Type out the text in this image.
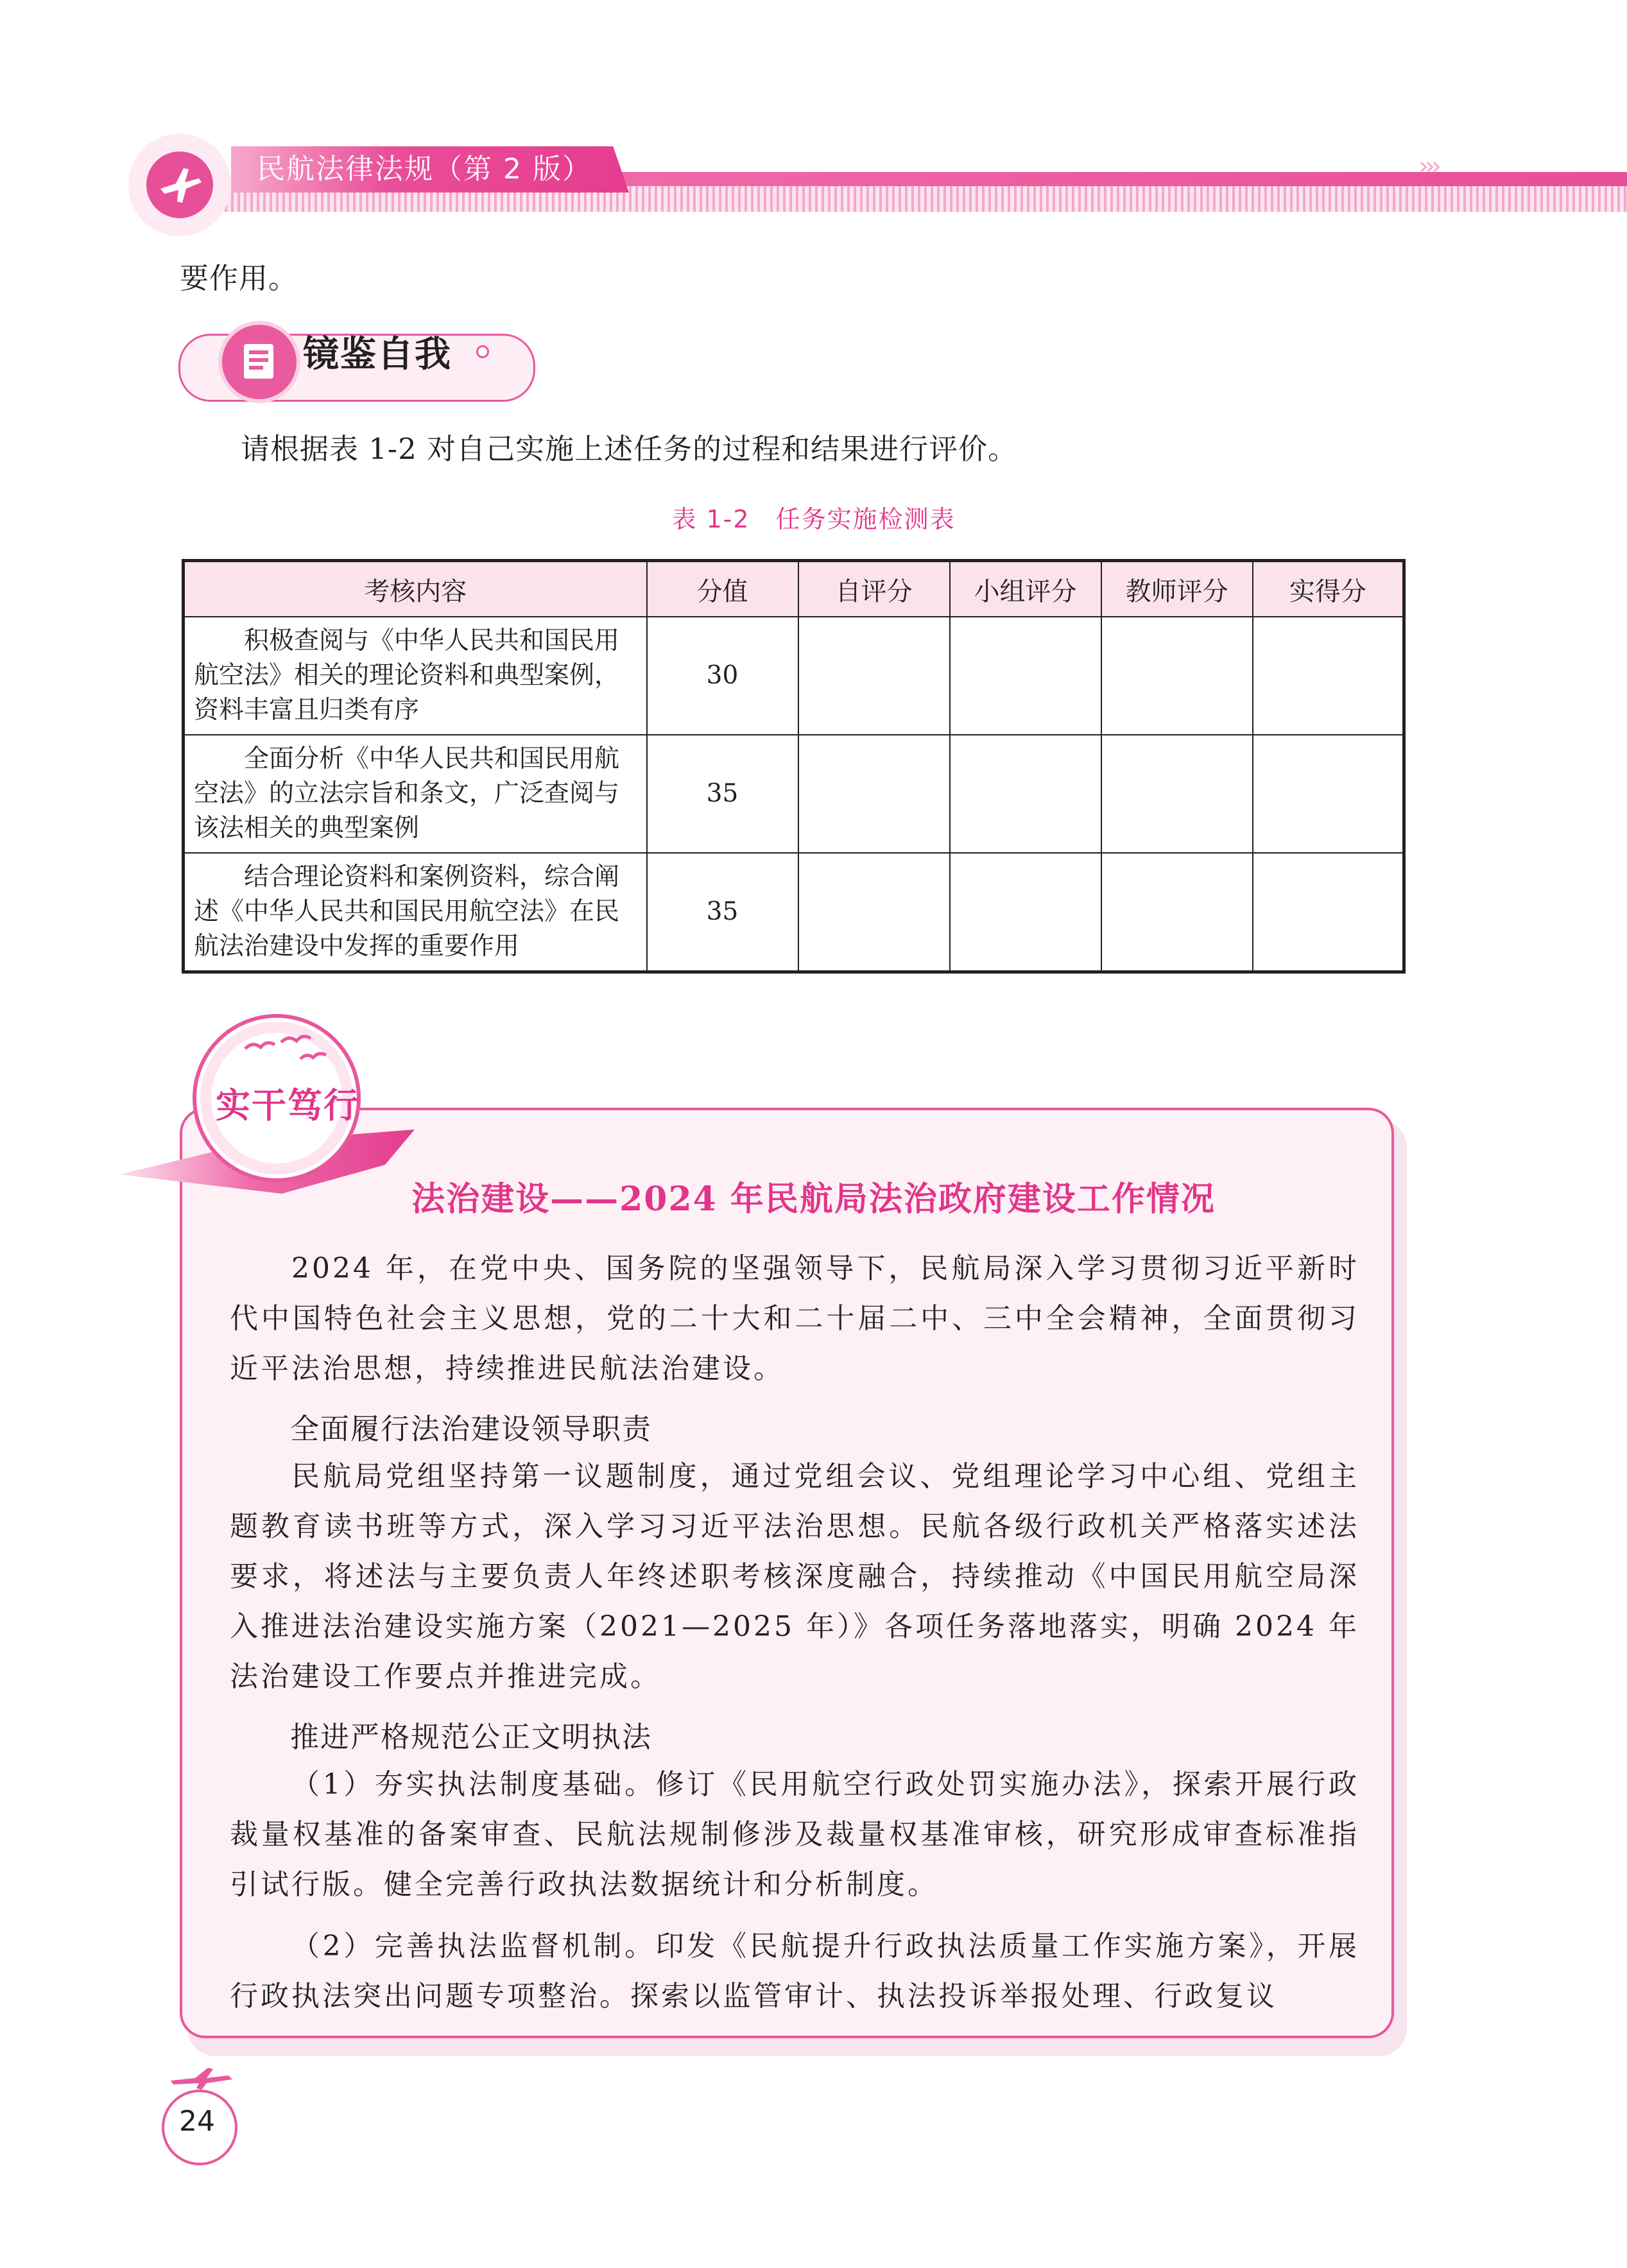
民航法律法规（第 2 版）	›››
要作用。
镜鉴自我
请根据表 1-2 对自己实施上述任务的过程和结果进行评价。
表 1-2　任务实施检测表
考核内容	分值	自评分	小组评分	教师评分	实得分
积极查阅与《中华人民共和国民用航空法》相关的理论资料和典型案例，资料丰富且归类有序	30				
全面分析《中华人民共和国民用航空法》的立法宗旨和条文，广泛查阅与该法相关的典型案例	35				
结合理论资料和案例资料，综合阐述《中华人民共和国民用航空法》在民航法治建设中发挥的重要作用	35				
实干笃行
法治建设——2024 年民航局法治政府建设工作情况

2024 年，在党中央、国务院的坚强领导下，民航局深入学习贯彻习近平新时代中国特色社会主义思想，党的二十大和二十届二中、三中全会精神，全面贯彻习近平法治思想，持续推进民航法治建设。

全面履行法治建设领导职责

民航局党组坚持第一议题制度，通过党组会议、党组理论学习中心组、党组主题教育读书班等方式，深入学习习近平法治思想。民航各级行政机关严格落实述法要求，将述法与主要负责人年终述职考核深度融合，持续推动《中国民用航空局深入推进法治建设实施方案（2021—2025 年）》各项任务落地落实，明确 2024 年法治建设工作要点并推进完成。

推进严格规范公正文明执法

（1）夯实执法制度基础。修订《民用航空行政处罚实施办法》，探索开展行政裁量权基准的备案审查、民航法规制修涉及裁量权基准审核，研究形成审查标准指引试行版。健全完善行政执法数据统计和分析制度。

（2）完善执法监督机制。印发《民航提升行政执法质量工作实施方案》，开展行政执法突出问题专项整治。探索以监管审计、执法投诉举报处理、行政复议

24
